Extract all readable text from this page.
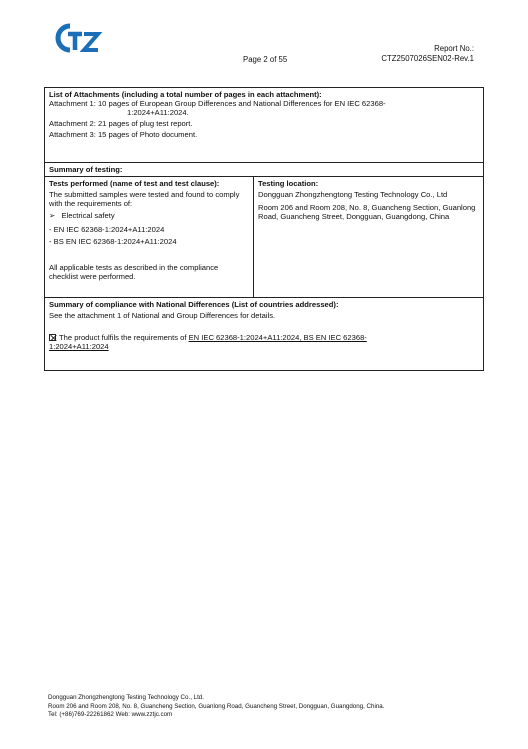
Page 2 of 55
Report No.:
CTZ2507026SEN02-Rev.1
List of Attachments (including a total number of pages in each attachment):
Attachment 1: 10 pages of European Group Differences and National Differences for EN IEC 62368-
1:2024+A11:2024.
Attachment 2: 21 pages of plug test report.
Attachment 3: 15 pages of Photo document.

Summary of testing:

Tests performed (name of test and test clause):
The submitted samples were tested and found to comply with the requirements of:
➢ Electrical safety
- EN IEC 62368-1:2024+A11:2024
- BS EN IEC 62368-1:2024+A11:2024
All applicable tests as described in the compliance checklist were performed.

Testing location:
Dongguan Zhongzhengtong Testing Technology Co., Ltd
Room 206 and Room 208, No. 8, Guancheng Section, Guanlong Road, Guancheng Street, Dongguan, Guangdong, China

Summary of compliance with National Differences (List of countries addressed):
See the attachment 1 of National and Group Differences for details.
The product fulfils the requirements of EN IEC 62368-1:2024+A11:2024, BS EN IEC 62368-
1:2024+A11:2024
Dongguan Zhongzhengtong Testing Technology Co., Ltd.
Room 206 and Room 208, No. 8, Guancheng Section, Guanlong Road, Guancheng Street, Dongguan, Guangdong, China.
Tel: (+86)769-22261862 Web: www.zztjc.com
